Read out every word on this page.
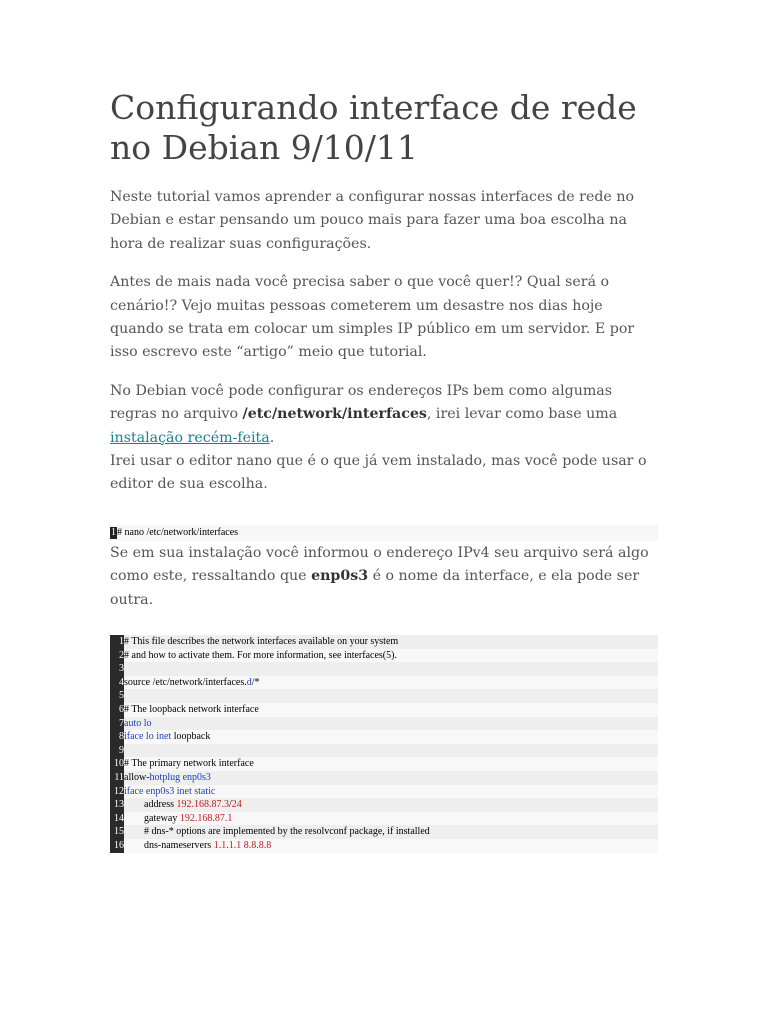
Configurando interface de rede no Debian 9/10/11

Neste tutorial vamos aprender a configurar nossas interfaces de rede no Debian e estar pensando um pouco mais para fazer uma boa escolha na hora de realizar suas configurações.

Antes de mais nada você precisa saber o que você quer!? Qual será o cenário!? Vejo muitas pessoas cometerem um desastre nos dias hoje quando se trata em colocar um simples IP público em um servidor. E por isso escrevo este “artigo” meio que tutorial.

No Debian você pode configurar os endereços IPs bem como algumas regras no arquivo /etc/network/interfaces, irei levar como base uma instalação recém-feita.
Irei usar o editor nano que é o que já vem instalado, mas você pode usar o editor de sua escolha.

1# nano /etc/network/interfaces

Se em sua instalação você informou o endereço IPv4 seu arquivo será algo como este, ressaltando que enp0s3 é o nome da interface, e ela pode ser outra.

1 # This file describes the network interfaces available on your system
2 # and how to activate them. For more information, see interfaces(5).
3
4 source /etc/network/interfaces.d/*
5
6 # The loopback network interface
7 auto lo
8 iface lo inet loopback
9
10 # The primary network interface
11 allow-hotplug enp0s3
12 iface enp0s3 inet static
13 address 192.168.87.3/24
14 gateway 192.168.87.1
15 # dns-* options are implemented by the resolvconf package, if installed
16 dns-nameservers 1.1.1.1 8.8.8.8
